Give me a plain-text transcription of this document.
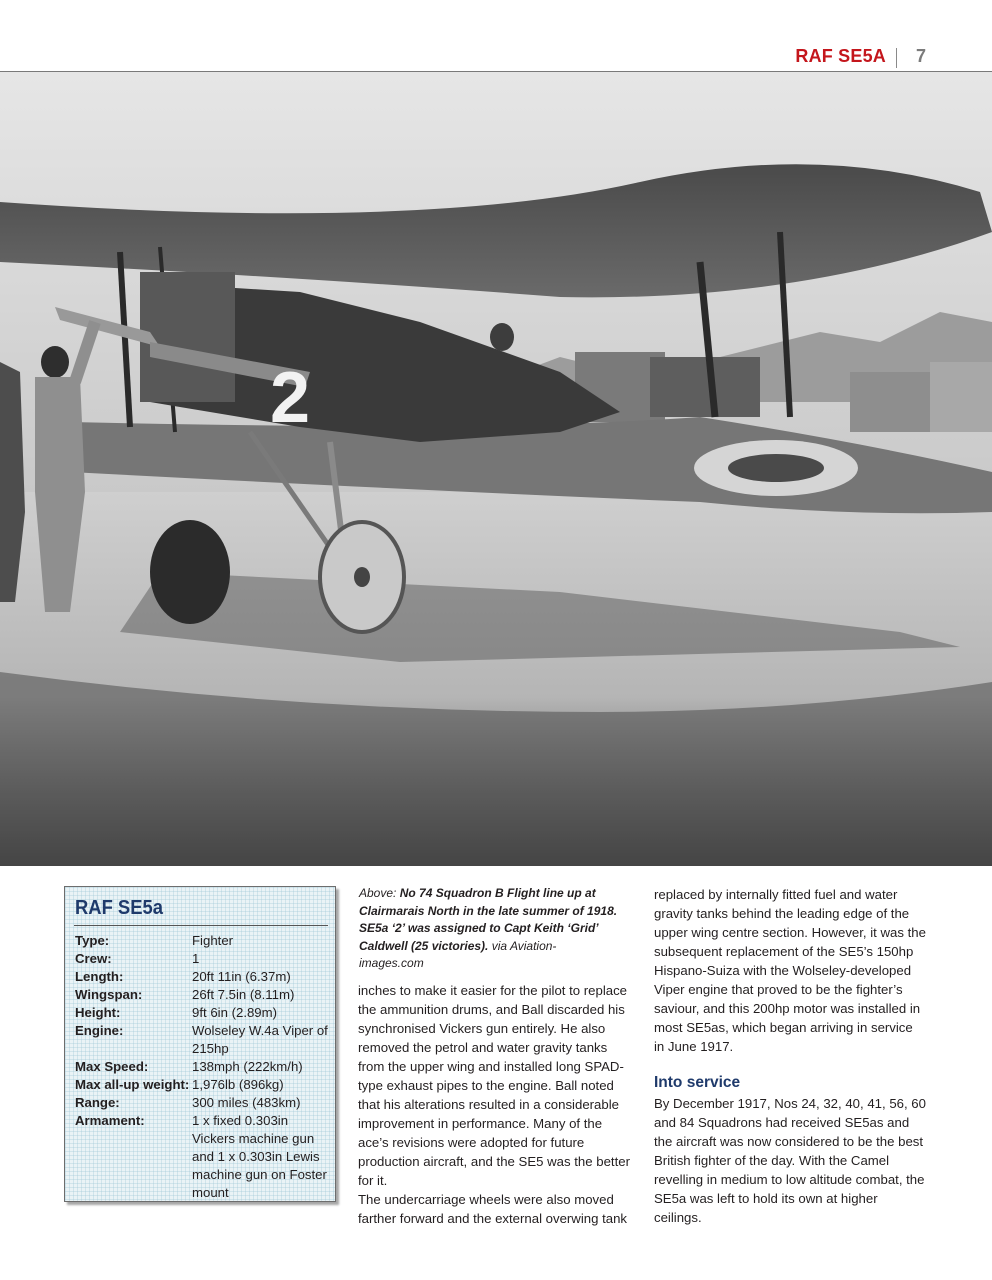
RAF SE5A 7
2
RAF SE5a
Type:	Fighter
Crew:	1
Length:	20ft 11in (6.37m)
Wingspan:	26ft 7.5in (8.11m)
Height:	9ft 6in (2.89m)
Engine:	Wolseley W.4a Viper of 215hp
Max Speed:	138mph (222km/h)
Max all-up weight: 1,976lb (896kg)
Range:	300 miles (483km)
Armament:	1 x fixed 0.303in Vickers machine gun and 1 x 0.303in Lewis machine gun on Foster mount
Above: No 74 Squadron B Flight line up at Clairmarais North in the late summer of 1918. SE5a ‘2’ was assigned to Capt Keith ‘Grid’ Caldwell (25 victories). via Aviation-images.com

inches to make it easier for the pilot to replace the ammunition drums, and Ball discarded his synchronised Vickers gun entirely. He also removed the petrol and water gravity tanks from the upper wing and installed long SPAD-type exhaust pipes to the engine. Ball noted that his alterations resulted in a considerable improvement in performance. Many of the ace’s revisions were adopted for future production aircraft, and the SE5 was the better for it.

The undercarriage wheels were also moved farther forward and the external overwing tank

replaced by internally fitted fuel and water gravity tanks behind the leading edge of the upper wing centre section. However, it was the subsequent replacement of the SE5’s 150hp Hispano-Suiza with the Wolseley-developed Viper engine that proved to be the fighter’s saviour, and this 200hp motor was installed in most SE5as, which began arriving in service in June 1917.

Into service

By December 1917, Nos 24, 32, 40, 41, 56, 60 and 84 Squadrons had received SE5as and the aircraft was now considered to be the best British fighter of the day. With the Camel revelling in medium to low altitude combat, the SE5a was left to hold its own at higher ceilings.
